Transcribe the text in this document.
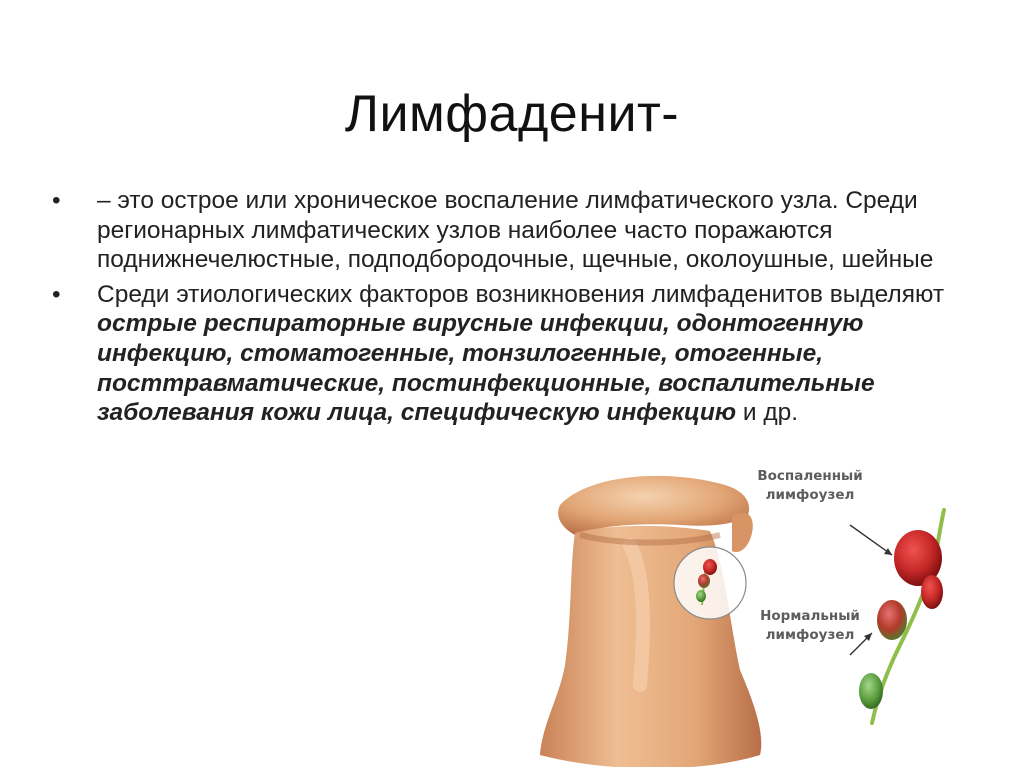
Лимфаденит-
•	– это острое или хроническое воспаление лимфатического узла. Среди регионарных лимфатических узлов наиболее часто поражаются поднижнечелюстные, подподбородочные, щечные, околоушные, шейные
•	Среди этиологических факторов возникновения лимфаденитов выделяют острые респираторные вирусные инфекции, одонтогенную инфекцию, стоматогенные, тонзилогенные, отогенные, посттравматические, постинфекционные, воспалительные заболевания кожи лица, специфическую инфекцию и др.
Воспаленный лимфоузел
Нормальный лимфоузел
